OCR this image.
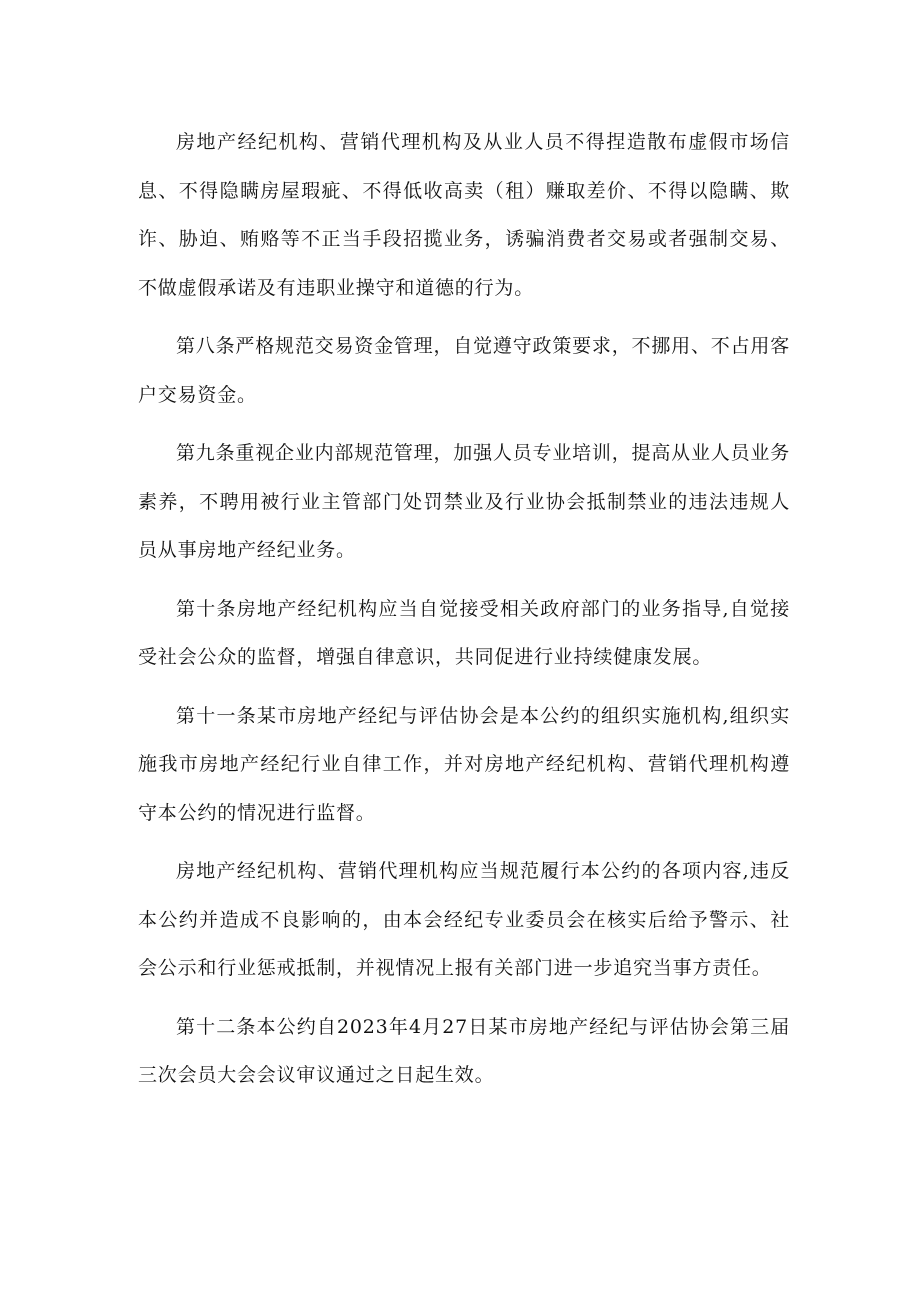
房地产经纪机构、营销代理机构及从业人员不得捏造散布虚假市场信息、不得隐瞒房屋瑕疵、不得低收高卖（租）赚取差价、不得以隐瞒、欺诈、胁迫、贿赂等不正当手段招揽业务，诱骗消费者交易或者强制交易、不做虚假承诺及有违职业操守和道德的行为。

第八条严格规范交易资金管理，自觉遵守政策要求，不挪用、不占用客户交易资金。

第九条重视企业内部规范管理，加强人员专业培训，提高从业人员业务素养，不聘用被行业主管部门处罚禁业及行业协会抵制禁业的违法违规人员从事房地产经纪业务。

第十条房地产经纪机构应当自觉接受相关政府部门的业务指导,自觉接受社会公众的监督，增强自律意识，共同促进行业持续健康发展。

第十一条某市房地产经纪与评估协会是本公约的组织实施机构,组织实施我市房地产经纪行业自律工作，并对房地产经纪机构、营销代理机构遵守本公约的情况进行监督。

房地产经纪机构、营销代理机构应当规范履行本公约的各项内容,违反本公约并造成不良影响的，由本会经纪专业委员会在核实后给予警示、社会公示和行业惩戒抵制，并视情况上报有关部门进一步追究当事方责任。

第十二条本公约自2023年4月27日某市房地产经纪与评估协会第三届三次会员大会会议审议通过之日起生效。
